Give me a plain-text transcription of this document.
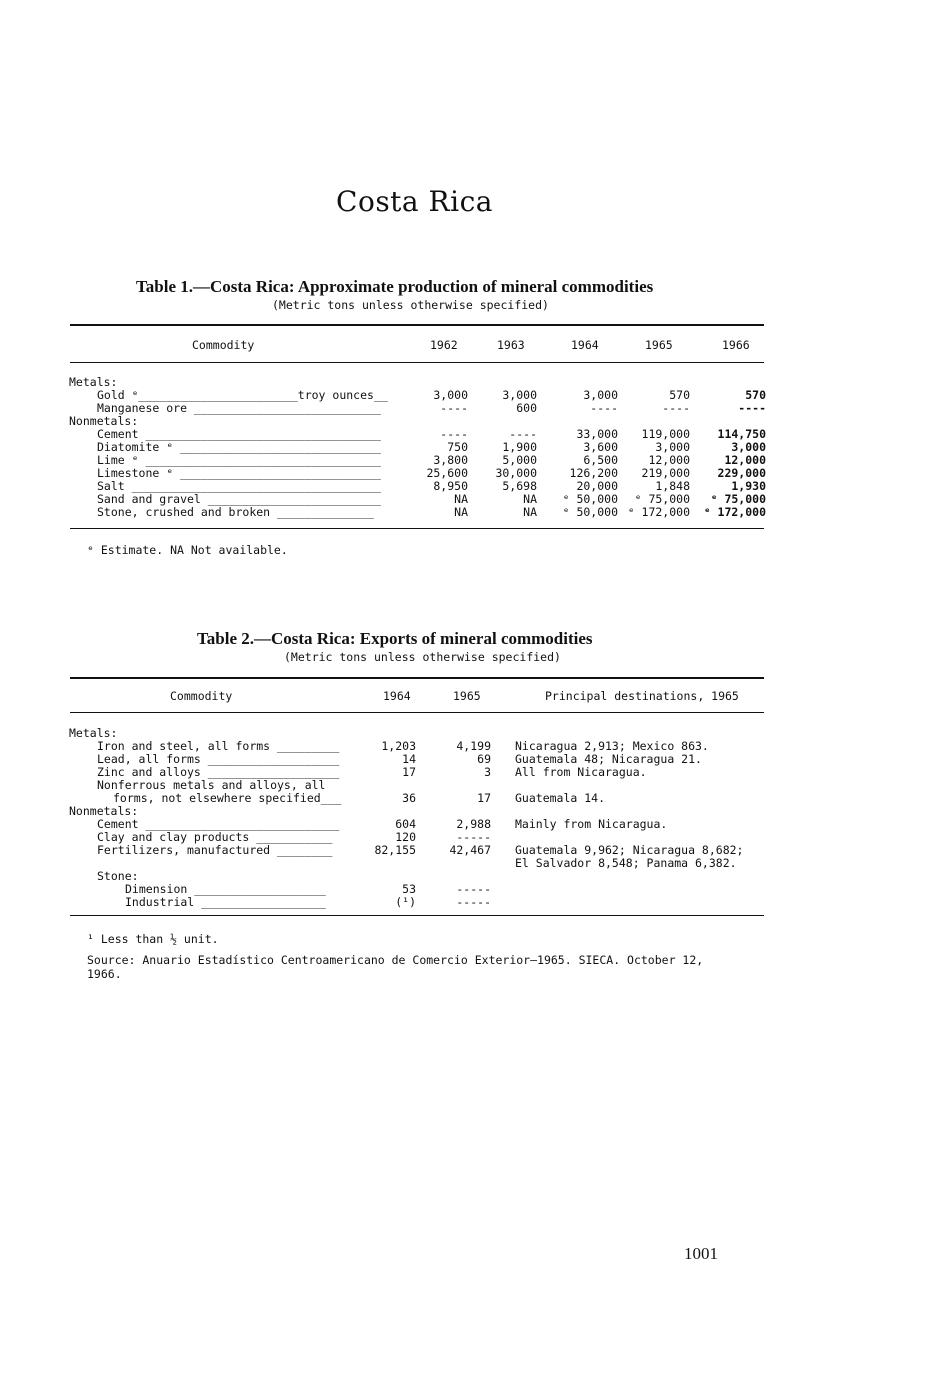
Costa Rica
Table 1.—Costa Rica: Approximate production of mineral commodities
(Metric tons unless otherwise specified)
Commodity	1962	1963	1964	1965	1966
Metals:					
Gold ᵉ_______________________troy ounces__	3,000	3,000	3,000	570	570
Manganese ore ___________________________	----	600	----	----	----
Nonmetals:					
Cement __________________________________	----	----	33,000	119,000	114,750
Diatomite ᵉ _____________________________	750	1,900	3,600	3,000	3,000
Lime ᵉ __________________________________	3,800	5,000	6,500	12,000	12,000
Limestone ᵉ _____________________________	25,600	30,000	126,200	219,000	229,000
Salt ____________________________________	8,950	5,698	20,000	1,848	1,930
Sand and gravel _________________________	NA	NA	ᵉ 50,000	ᵉ 75,000	ᵉ 75,000
Stone, crushed and broken ______________	NA	NA	ᵉ 50,000	ᵉ 172,000	ᵉ 172,000
ᵉ Estimate. NA Not available.
Table 2.—Costa Rica: Exports of mineral commodities
(Metric tons unless otherwise specified)
Commodity	1964	1965	Principal destinations, 1965
Metals:			
Iron and steel, all forms _________	1,203	4,199	Nicaragua 2,913; Mexico 863.
Lead, all forms ___________________	14	69	Guatemala 48; Nicaragua 21.
Zinc and alloys ___________________	17	3	All from Nicaragua.
Nonferrous metals and alloys, all			
forms, not elsewhere specified___	36	17	Guatemala 14.
Nonmetals:			
Cement ____________________________	604	2,988	Mainly from Nicaragua.
Clay and clay products ___________	120	-----	
Fertilizers, manufactured ________	82,155	42,467	Guatemala 9,962; Nicaragua 8,682;
			El Salvador 8,548; Panama 6,382.
Stone:			
Dimension ___________________	53	-----	
Industrial __________________	(¹)	-----	
¹ Less than ½ unit.
Source: Anuario Estadístico Centroamericano de Comercio Exterior—1965. SIECA. October 12,
1966.
1001
